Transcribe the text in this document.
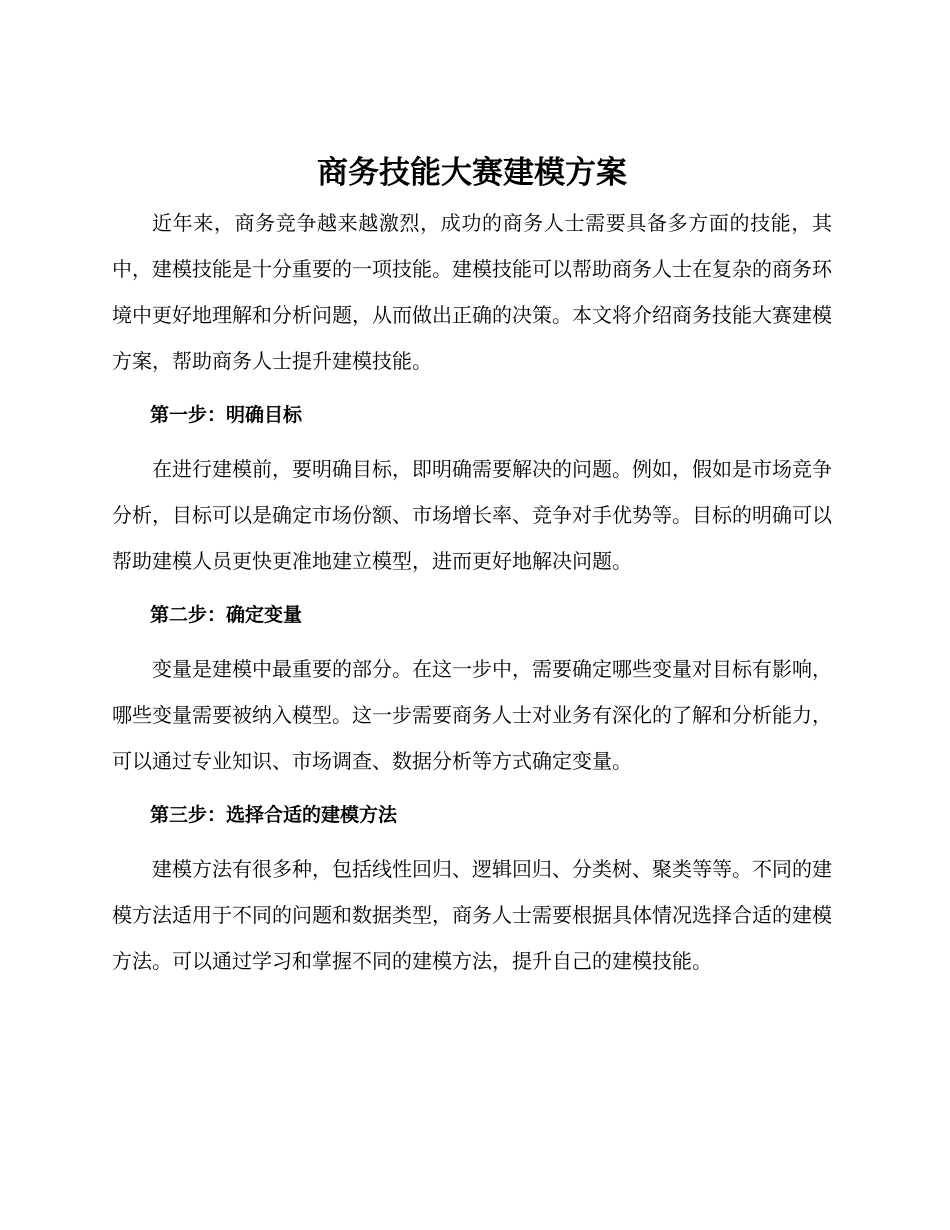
商务技能大赛建模方案

近年来，商务竞争越来越激烈，成功的商务人士需要具备多方面的技能，其中，建模技能是十分重要的一项技能。建模技能可以帮助商务人士在复杂的商务环境中更好地理解和分析问题，从而做出正确的决策。本文将介绍商务技能大赛建模方案，帮助商务人士提升建模技能。

第一步：明确目标

在进行建模前，要明确目标，即明确需要解决的问题。例如，假如是市场竞争分析，目标可以是确定市场份额、市场增长率、竞争对手优势等。目标的明确可以帮助建模人员更快更准地建立模型，进而更好地解决问题。

第二步：确定变量

变量是建模中最重要的部分。在这一步中，需要确定哪些变量对目标有影响，哪些变量需要被纳入模型。这一步需要商务人士对业务有深化的了解和分析能力，可以通过专业知识、市场调查、数据分析等方式确定变量。

第三步：选择合适的建模方法

建模方法有很多种，包括线性回归、逻辑回归、分类树、聚类等等。不同的建模方法适用于不同的问题和数据类型，商务人士需要根据具体情况选择合适的建模方法。可以通过学习和掌握不同的建模方法，提升自己的建模技能。
